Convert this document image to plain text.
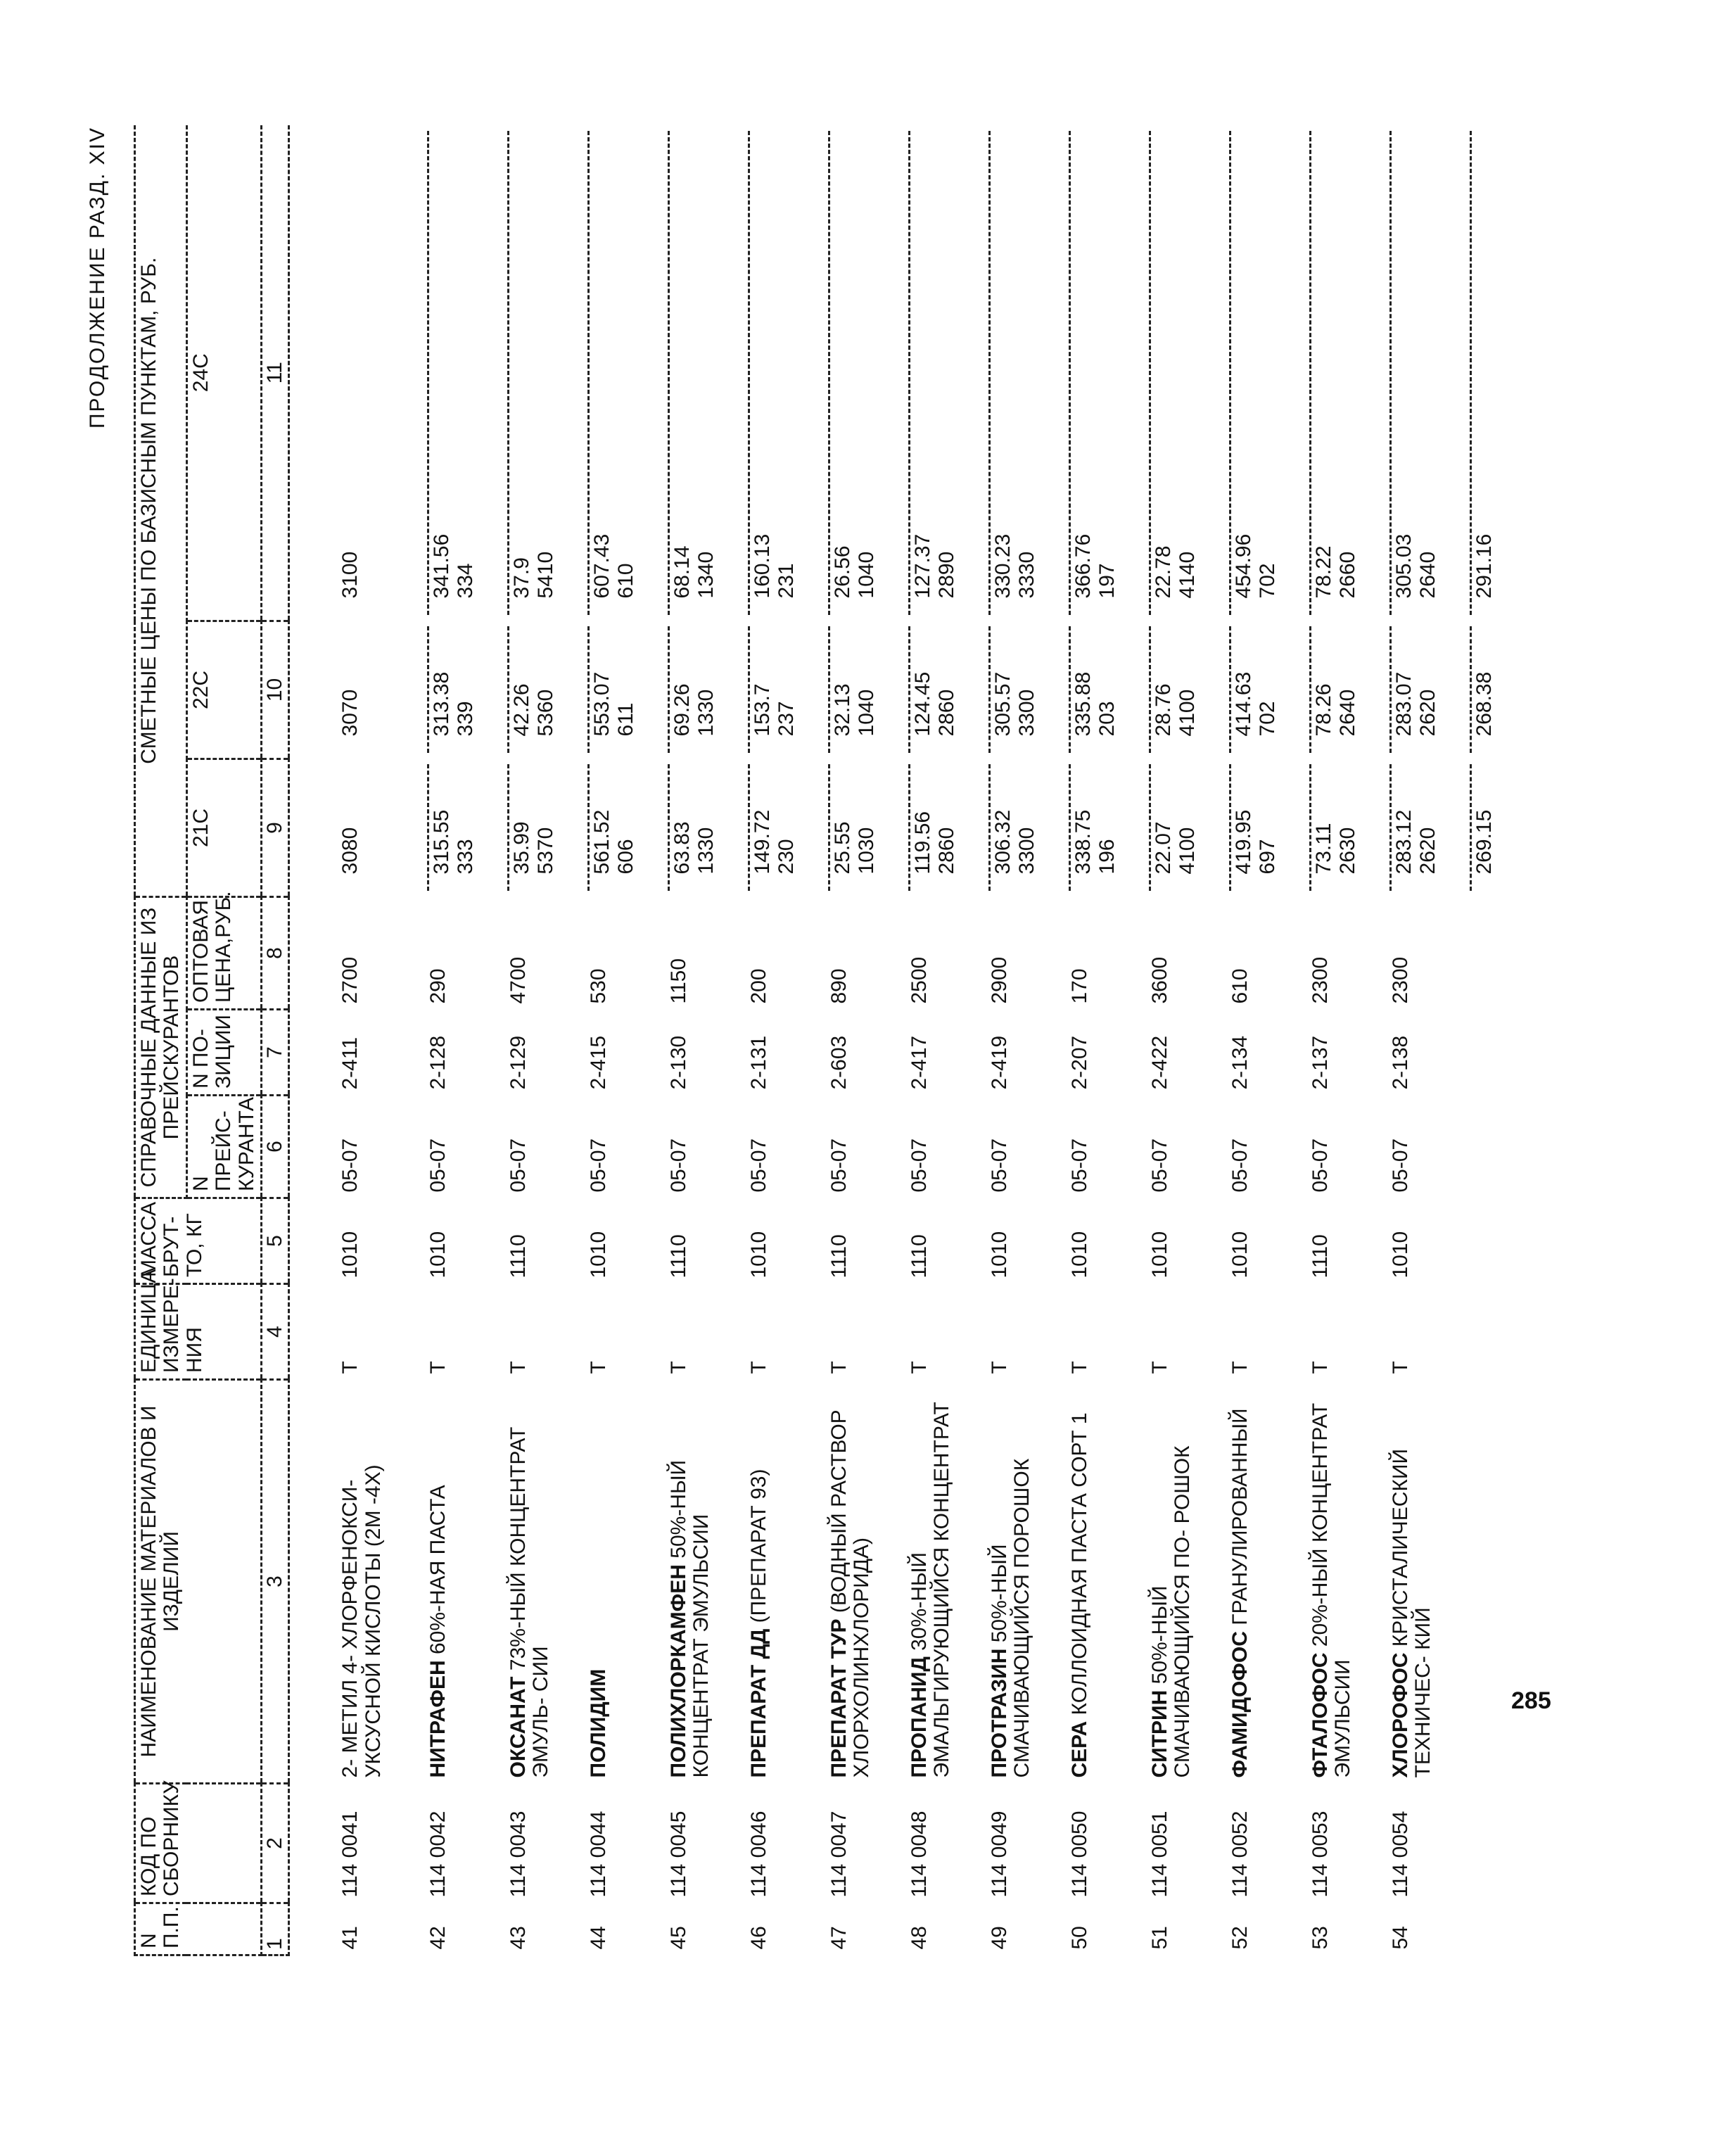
ПРОДОЛЖЕНИЕ РАЗД. XIV
N П.П.	КОД ПО СБОРНИКУ	НАИМЕНОВАНИЕ МАТЕРИАЛОВ И ИЗДЕЛИЙ	ЕДИНИЦА ИЗМЕРЕ- НИЯ	МАССА БРУТ- ТО, КГ	СПРАВОЧНЫЕ ДАННЫЕ ИЗ ПРЕЙСКУРАНТОВ			СМЕТНЫЕ ЦЕНЫ ПО БАЗИСНЫМ ПУНКТАМ, РУБ.		
					N ПРЕЙС- КУРАНТА	N ПО- ЗИЦИИ	ОПТОВАЯ ЦЕНА,РУБ.	21С	22С	24С
1	2	3	4	5	6	7	8	9	10	11
41	114 0041	2- МЕТИЛ 4- ХЛОРФЕНОКСИ-УКСУСНОЙ КИСЛОТЫ (2М -4Х)	Т	1010	05-07	2-411	2700	3080	3070	3100

42	114 0042	НИТРАФЕН 60%-НАЯ ПАСТА	Т	1010	05-07	2-128	290	315.55 333	313.38 339	341.56 334

43	114 0043	ОКСАНАТ 73%-НЫЙ КОНЦЕНТРАТ ЭМУЛЬ- СИИ	Т	1110	05-07	2-129	4700	35.99 5370	42.26 5360	37.9 5410

44	114 0044	ПОЛИДИМ	Т	1010	05-07	2-415	530	561.52 606	553.07 611	607.43 610

45	114 0045	ПОЛИХЛОРКАМФЕН 50%-НЫЙ КОНЦЕНТРАТ ЭМУЛЬСИИ	Т	1110	05-07	2-130	1150	63.83 1330	69.26 1330	68.14 1340

46	114 0046	ПРЕПАРАТ ДД (ПРЕПАРАТ 93)	Т	1010	05-07	2-131	200	149.72 230	153.7 237	160.13 231

47	114 0047	ПРЕПАРАТ ТУР (ВОДНЫЙ РАСТВОР ХЛОРХОЛИНХЛОРИДА)	Т	1110	05-07	2-603	890	25.55 1030	32.13 1040	26.56 1040

48	114 0048	ПРОПАНИД 30%-НЫЙ ЭМАЛЬГИРУЮЩИЙСЯ КОНЦЕНТРАТ	Т	1110	05-07	2-417	2500	119.56 2860	124.45 2860	127.37 2890

49	114 0049	ПРОТРАЗИН 50%-НЫЙ СМАЧИВАЮЩИЙСЯ ПОРОШОК	Т	1010	05-07	2-419	2900	306.32 3300	305.57 3300	330.23 3330

50	114 0050	СЕРА КОЛЛОИДНАЯ ПАСТА СОРТ 1	Т	1010	05-07	2-207	170	338.75 196	335.88 203	366.76 197

51	114 0051	СИТРИН 50%-НЫЙ СМАЧИВАЮЩИЙСЯ ПО- РОШОК	Т	1010	05-07	2-422	3600	22.07 4100	28.76 4100	22.78 4140

52	114 0052	ФАМИДОФОС ГРАНУЛИРОВАННЫЙ	Т	1010	05-07	2-134	610	419.95 697	414.63 702	454.96 702

53	114 0053	ФТАЛОФОС 20%-НЫЙ КОНЦЕНТРАТ ЭМУЛЬСИИ	Т	1110	05-07	2-137	2300	73.11 2630	78.26 2640	78.22 2660

54	114 0054	ХЛОРОФОС КРИСТАЛИЧЕСКИЙ ТЕХНИЧЕС- КИЙ	Т	1010	05-07	2-138	2300	283.12 2620	283.07 2620	305.03 2640

								269.15	268.38	291.16
285
